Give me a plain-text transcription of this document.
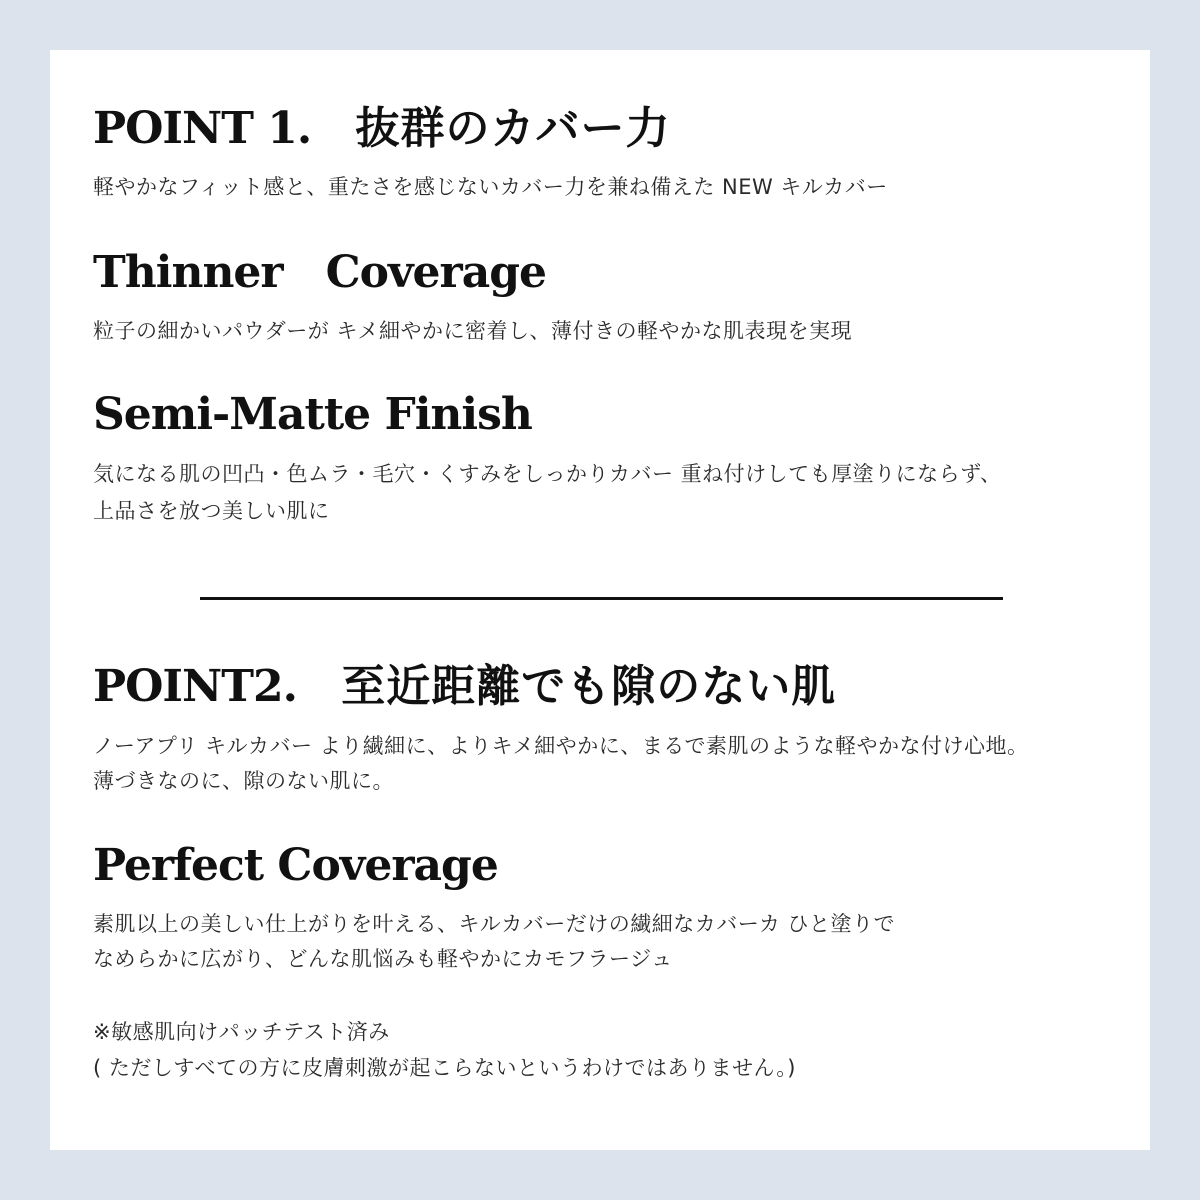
POINT 1. 抜群のカバー力

軽やかなフィット感と、重たさを感じないカバー力を兼ね備えた NEW キルカバー

Thinner　Coverage

粒子の細かいパウダーが キメ細やかに密着し、薄付きの軽やかな肌表現を実現

Semi-Matte Finish

気になる肌の凹凸・色ムラ・毛穴・くすみをしっかりカバー 重ね付けしても厚塗りにならず、

上品さを放つ美しい肌に

POINT2. 至近距離でも隙のない肌

ノーアプリ キルカバー より繊細に、よりキメ細やかに、まるで素肌のような軽やかな付け心地。

薄づきなのに、隙のない肌に。

Perfect Coverage

素肌以上の美しい仕上がりを叶える、キルカバーだけの繊細なカバーカ ひと塗りで

なめらかに広がり、どんな肌悩みも軽やかにカモフラージュ

※敏感肌向けパッチテスト済み

( ただしすべての方に皮膚刺激が起こらないというわけではありません。)
